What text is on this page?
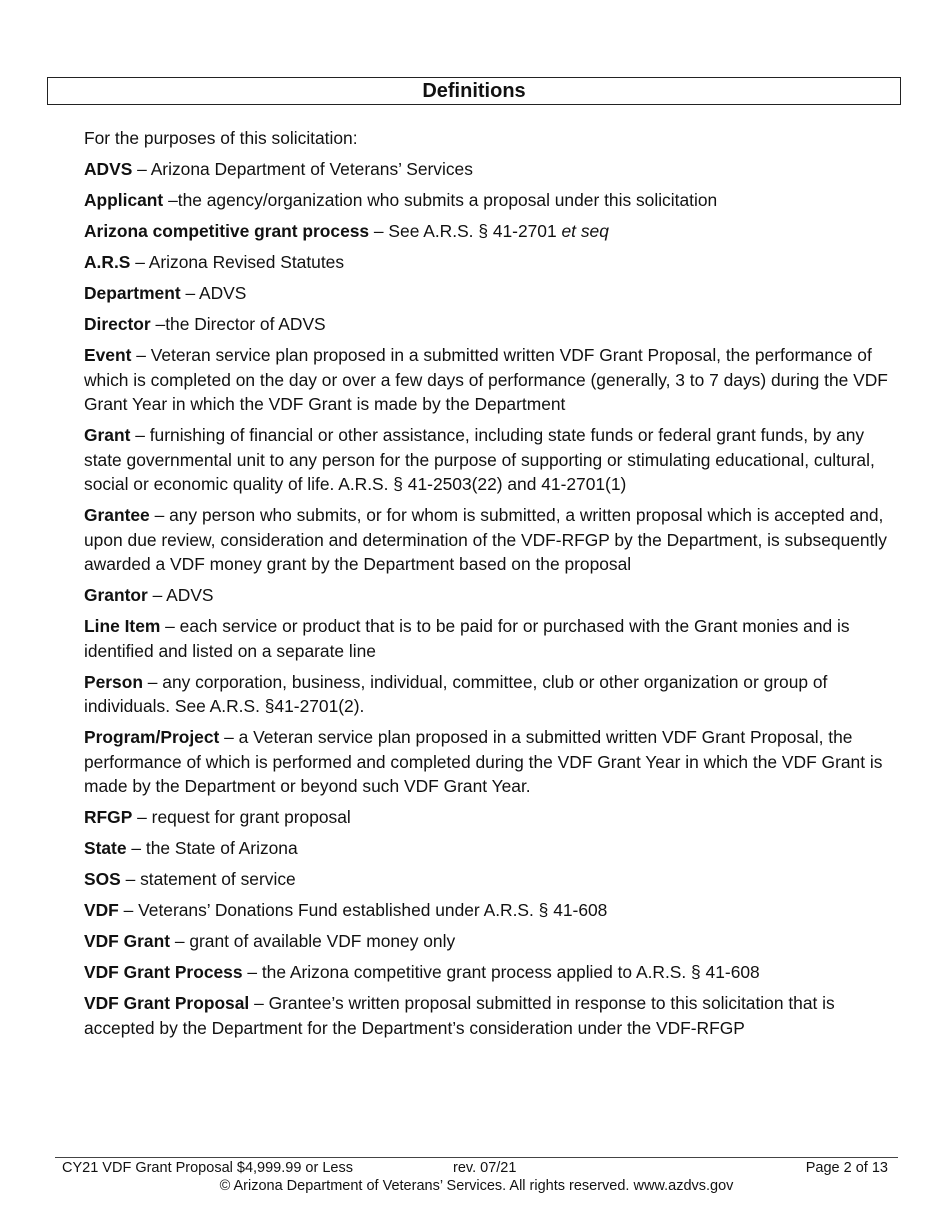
Definitions

For the purposes of this solicitation:

ADVS – Arizona Department of Veterans’ Services

Applicant –the agency/organization who submits a proposal under this solicitation

Arizona competitive grant process – See A.R.S. § 41-2701 et seq

A.R.S – Arizona Revised Statutes

Department – ADVS

Director –the Director of ADVS

Event – Veteran service plan proposed in a submitted written VDF Grant Proposal, the performance of which is completed on the day or over a few days of performance (generally, 3 to 7 days) during the VDF Grant Year in which the VDF Grant is made by the Department

Grant – furnishing of financial or other assistance, including state funds or federal grant funds, by any state governmental unit to any person for the purpose of supporting or stimulating educational, cultural, social or economic quality of life. A.R.S. § 41-2503(22) and 41-2701(1)

Grantee – any person who submits, or for whom is submitted, a written proposal which is accepted and, upon due review, consideration and determination of the VDF-RFGP by the Department, is subsequently awarded a VDF money grant by the Department based on the proposal

Grantor – ADVS

Line Item – each service or product that is to be paid for or purchased with the Grant monies and is identified and listed on a separate line

Person – any corporation, business, individual, committee, club or other organization or group of individuals. See A.R.S. §41-2701(2).

Program/Project – a Veteran service plan proposed in a submitted written VDF Grant Proposal, the performance of which is performed and completed during the VDF Grant Year in which the VDF Grant is made by the Department or beyond such VDF Grant Year.

RFGP – request for grant proposal

State – the State of Arizona

SOS – statement of service

VDF – Veterans’ Donations Fund established under A.R.S. § 41-608

VDF Grant – grant of available VDF money only

VDF Grant Process – the Arizona competitive grant process applied to A.R.S. § 41-608

VDF Grant Proposal – Grantee’s written proposal submitted in response to this solicitation that is accepted by the Department for the Department’s consideration under the VDF-RFGP

CY21 VDF Grant Proposal $4,999.99 or Less	rev. 07/21	Page 2 of 13
© Arizona Department of Veterans’ Services. All rights reserved. www.azdvs.gov
